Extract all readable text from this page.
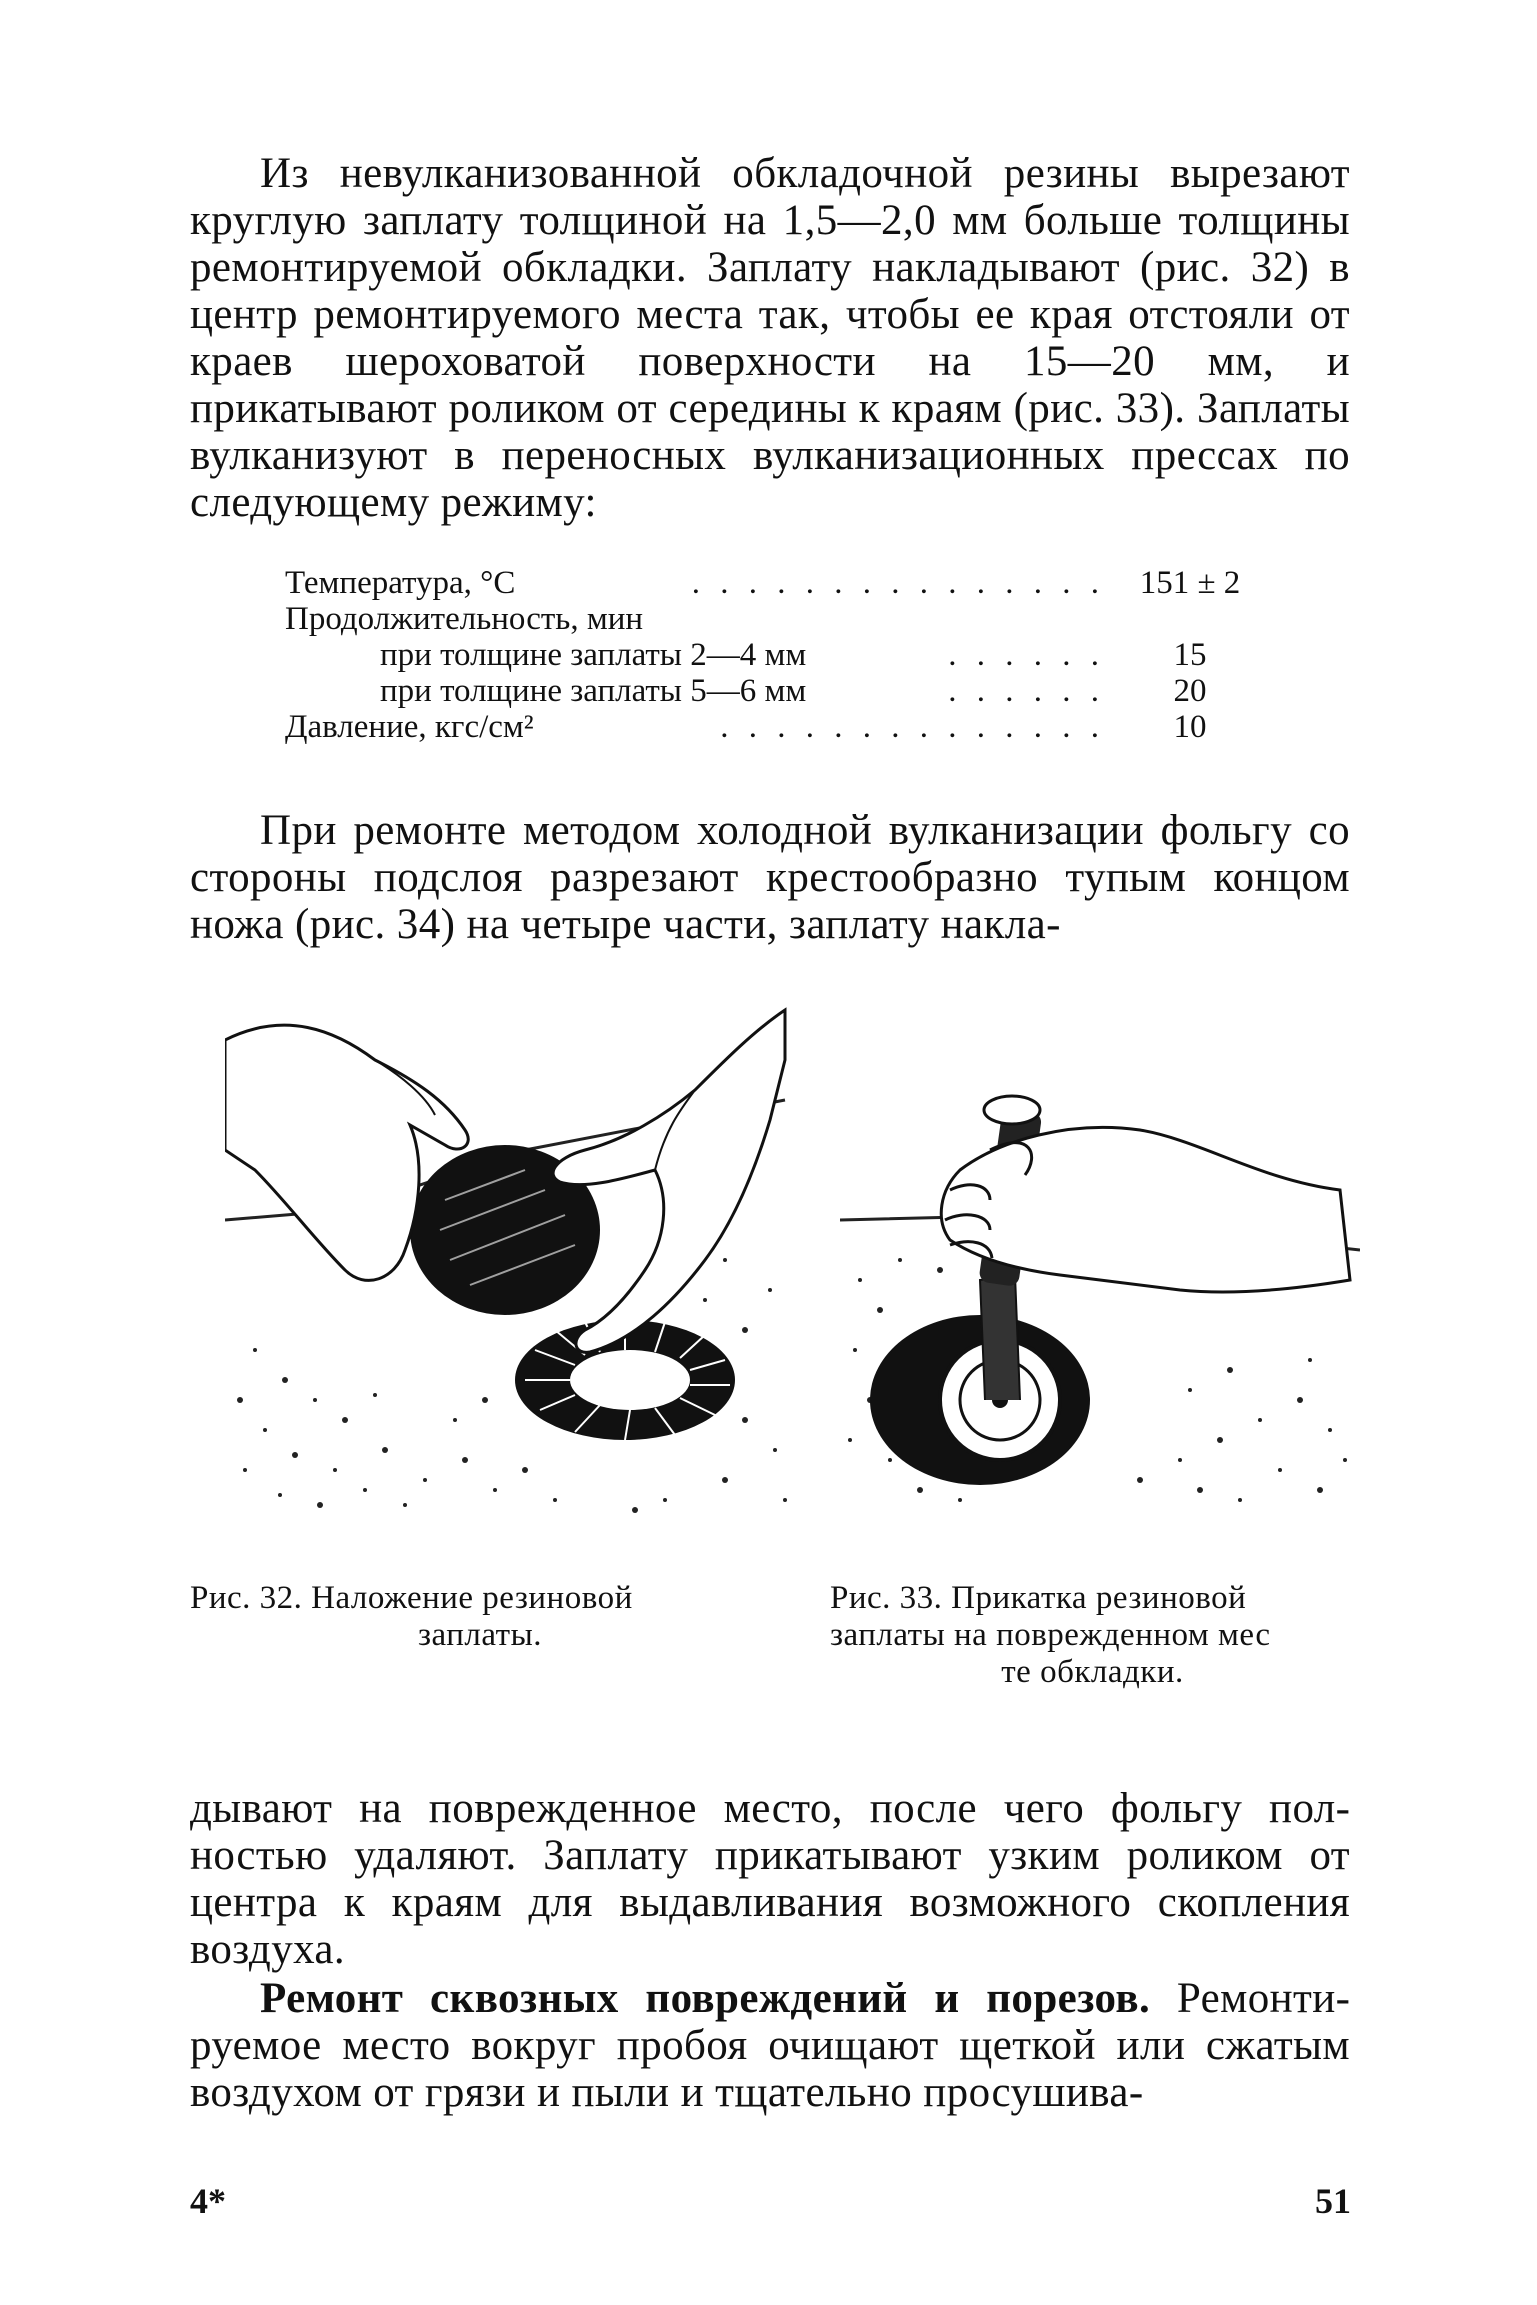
Из невулканизованной обкладочной резины вырезают круглую заплату толщиной на 1,5—2,0 мм больше толщины ремонтируемой обкладки. Заплату накладывают (рис. 32) в центр ремонтируемого места так, чтобы ее края отстояли от краев шероховатой поверхности на 15—20 мм, и прикатывают роликом от середины к краям (рис. 33). Заплаты вулканизуют в переносных вулканизационных прессах по следующему режиму:

Температура, °С	. . . . . . . . . . . . . . .	151 ± 2
Продолжительность, мин
при толщине заплаты 2—4 мм	. . . . . .	15
при толщине заплаты 5—6 мм	. . . . . .	20
Давление, кгс/см²	. . . . . . . . . . . . . .	10

При ремонте методом холодной вулканизации фольгу со стороны подслоя разрезают крестообразно тупым концом ножа (рис. 34) на четыре части, заплату накла-

Рис. 32. Наложение резиновой
заплаты.
Рис. 33. Прикатка резиновой
заплаты на поврежденном мес
те обкладки.

дывают на поврежденное место, после чего фольгу полностью удаляют. Заплату прикатывают узким роликом от центра к краям для выдавливания возможного скопления воздуха.

Ремонт сквозных повреждений и порезов. Ремонтируемое место вокруг пробоя очищают щеткой или сжатым воздухом от грязи и пыли и тщательно просушива-

4*	51
